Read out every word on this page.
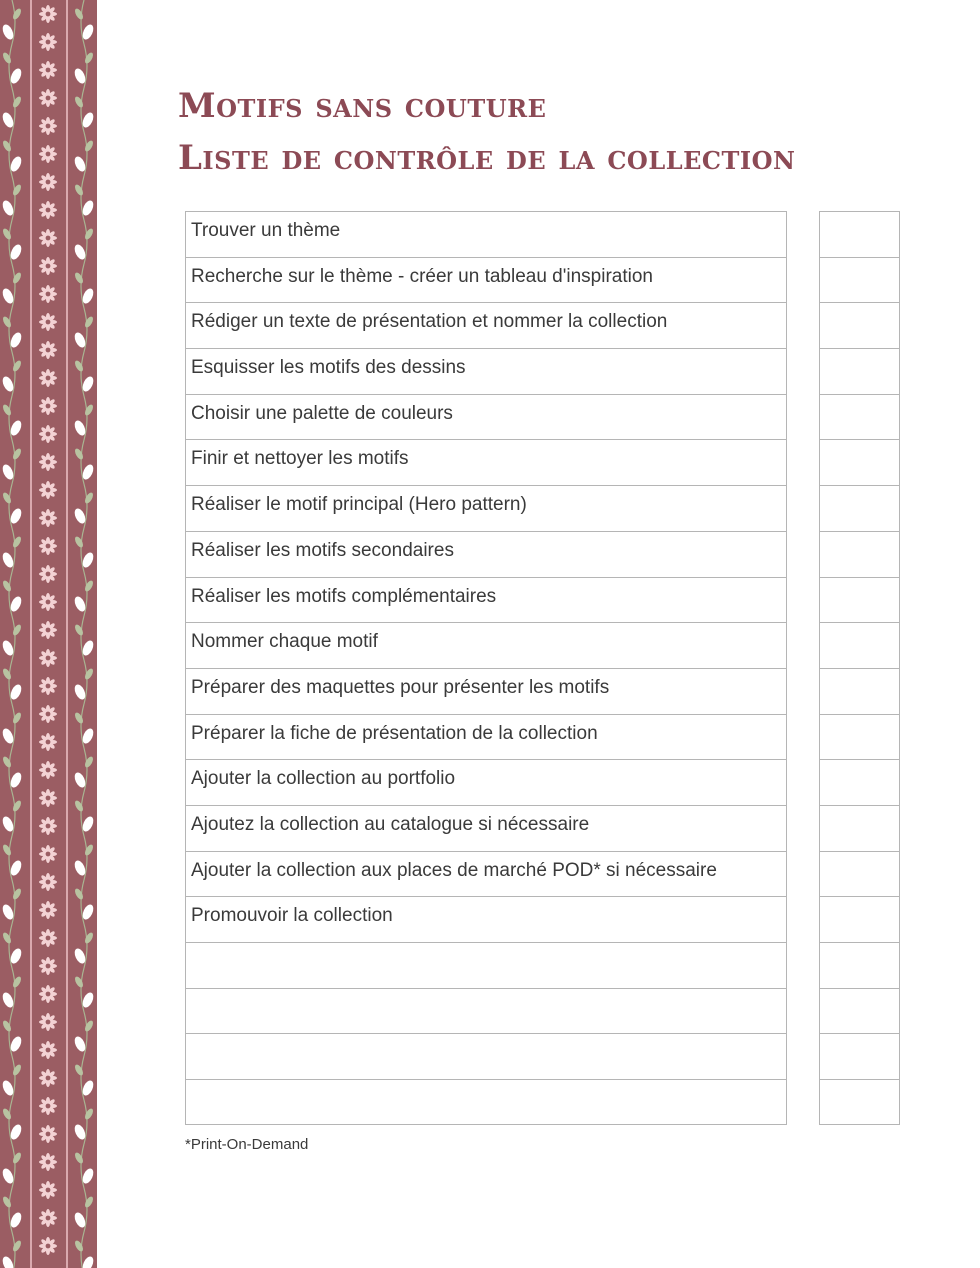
Motifs sans couture
Liste de contrôle de la collection
Trouver un thème
Recherche sur le thème - créer un tableau d'inspiration
Rédiger un texte de présentation et nommer la collection
Esquisser les motifs des dessins
Choisir une palette de couleurs
Finir et nettoyer les motifs
Réaliser le motif principal (Hero pattern)
Réaliser les motifs secondaires
Réaliser les motifs complémentaires
Nommer chaque motif
Préparer des maquettes pour présenter les motifs
Préparer la fiche de présentation de la collection
Ajouter la collection au portfolio
Ajoutez la collection au catalogue si nécessaire
Ajouter la collection aux places de marché POD* si nécessaire
Promouvoir la collection
*Print-On-Demand
